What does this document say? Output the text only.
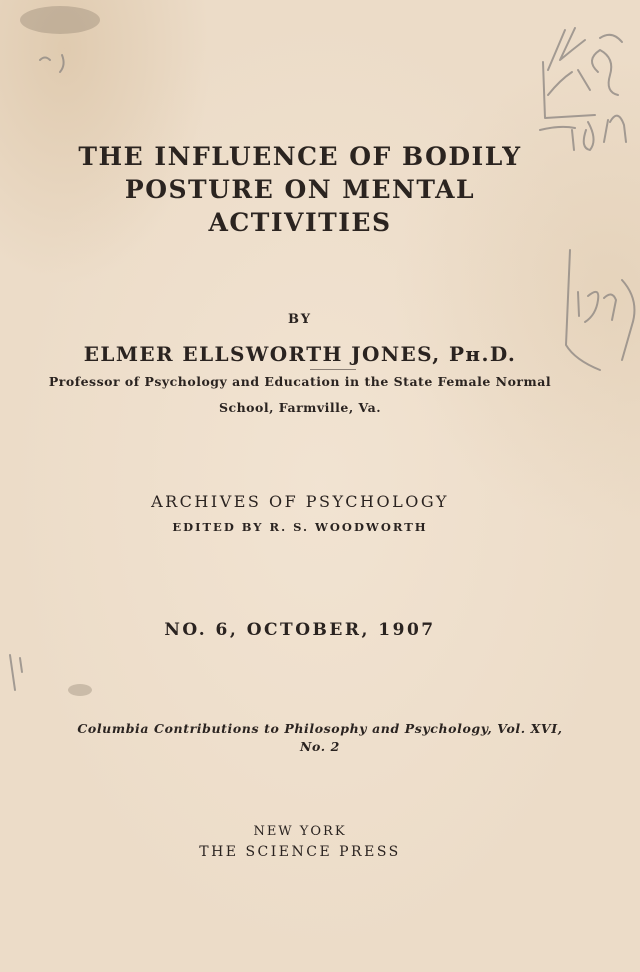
THE INFLUENCE OF BODILY
POSTURE ON MENTAL
ACTIVITIES
BY
ELMER ELLSWORTH JONES, Pʜ.D.
Professor of Psychology and Education in the State Female Normal
School, Farmville, Va.
ARCHIVES OF PSYCHOLOGY
EDITED BY R. S. WOODWORTH
NO. 6, OCTOBER, 1907
Columbia Contributions to Philosophy and Psychology, Vol. XVI,
No. 2
NEW YORK
THE SCIENCE PRESS
